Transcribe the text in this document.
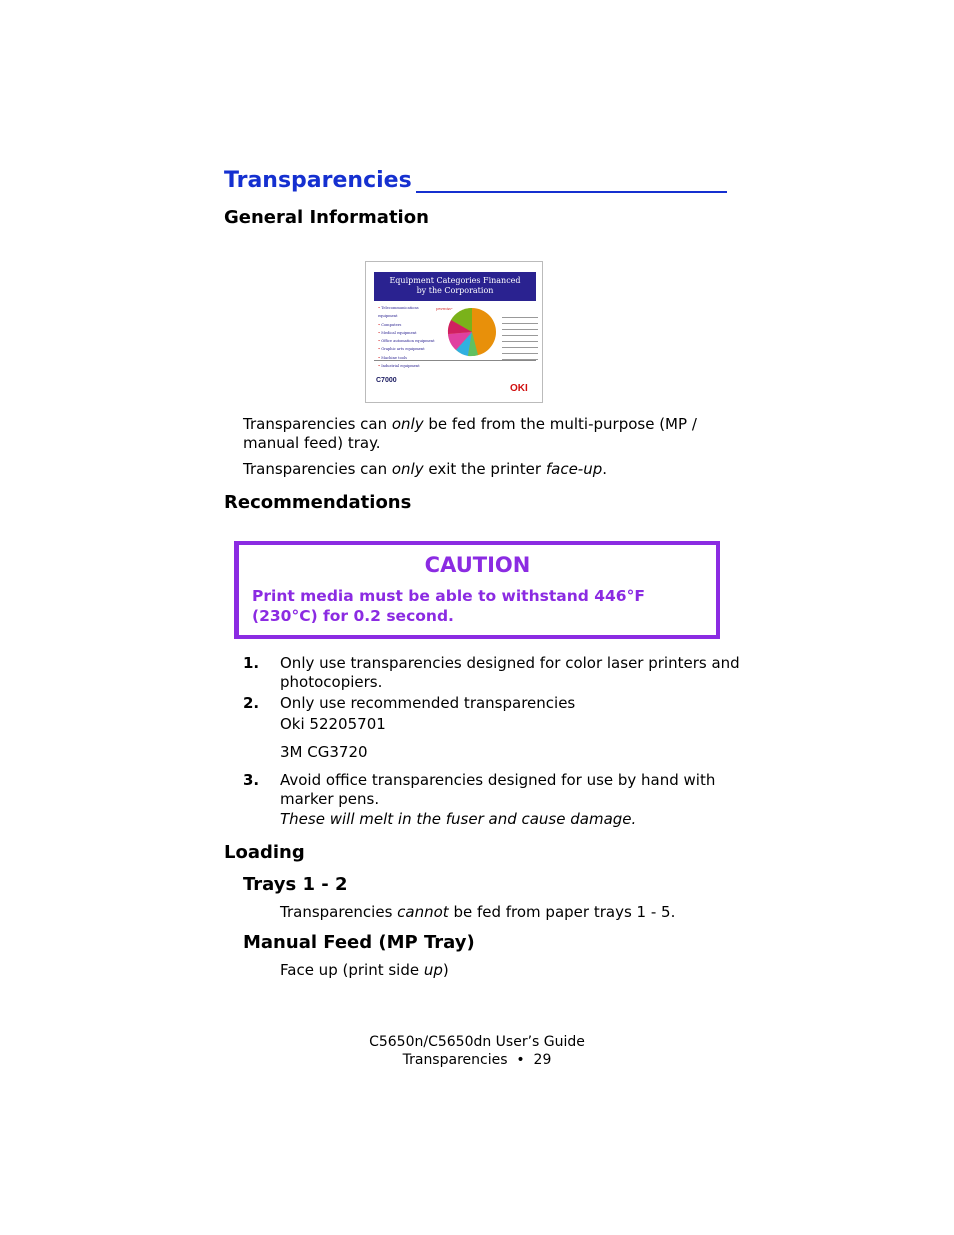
Transparencies
General Information
Equipment Categories Financed
by the Corporation
• Telecommunications equipment
• Computers
• Medical equipment
• Office automation equipment
• Graphic arts equipment
• Machine tools
• Industrial equipment
premier
C7000
OKI
Transparencies can only be fed from the multi-purpose (MP / manual feed) tray.
Transparencies can only exit the printer face-up.
Recommendations
CAUTION
Print media must be able to withstand 446°F (230°C) for 0.2 second.
1. Only use transparencies designed for color laser printers and photocopiers.
2. Only use recommended transparencies
Oki 52205701
3M CG3720
3. Avoid office transparencies designed for use by hand with marker pens.
These will melt in the fuser and cause damage.
Loading
Trays 1 - 2
Transparencies cannot be fed from paper trays 1 - 5.
Manual Feed (MP Tray)
Face up (print side up)
C5650n/C5650dn User’s Guide
Transparencies  •  29
